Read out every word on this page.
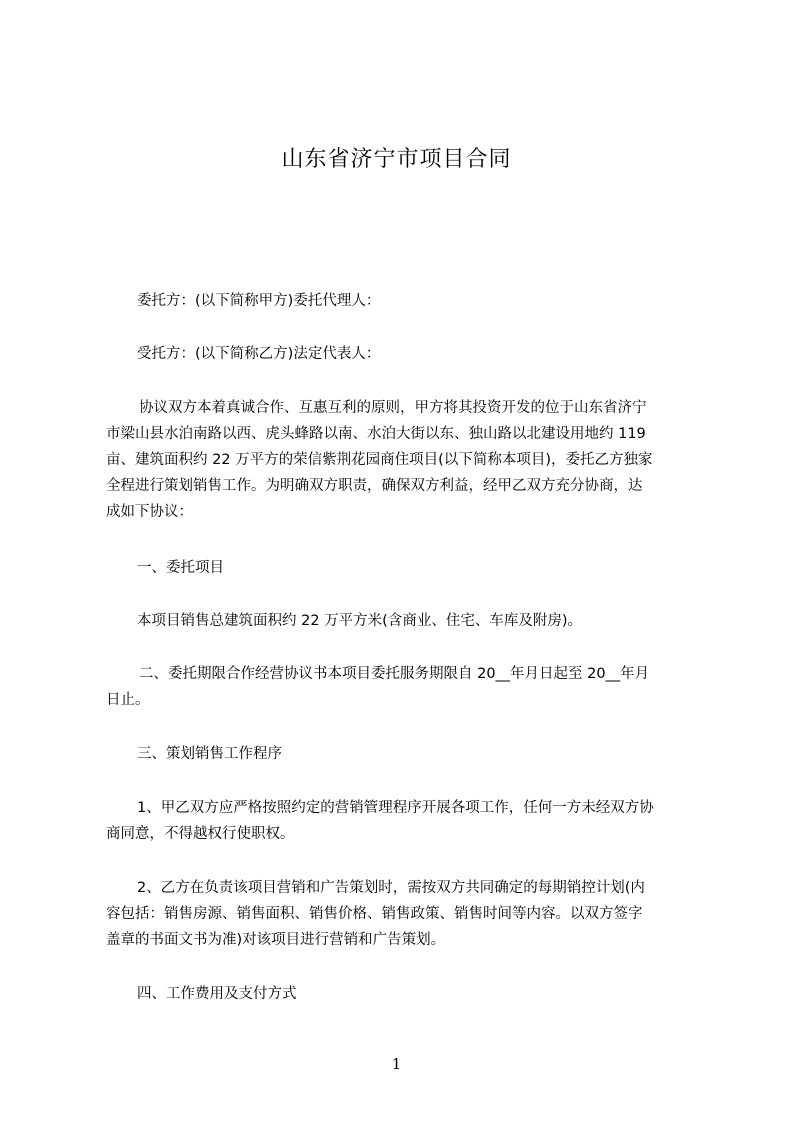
山东省济宁市项目合同
委托方：(以下简称甲方)委托代理人：
受托方：(以下简称乙方)法定代表人：
协议双方本着真诚合作、互惠互利的原则，甲方将其投资开发的位于山东省济宁
市梁山县水泊南路以西、虎头蜂路以南、水泊大街以东、独山路以北建设用地约 119
亩、建筑面积约 22 万平方的荣信紫荆花园商住项目(以下简称本项目)，委托乙方独家
全程进行策划销售工作。为明确双方职责，确保双方利益，经甲乙双方充分协商，达
成如下协议：
一、委托项目
本项目销售总建筑面积约 22 万平方米(含商业、住宅、车库及附房)。
二、委托期限合作经营协议书本项目委托服务期限自 20__年月日起至 20__年月
日止。
三、策划销售工作程序
1、甲乙双方应严格按照约定的营销管理程序开展各项工作，任何一方未经双方协
商同意，不得越权行使职权。
2、乙方在负责该项目营销和广告策划时，需按双方共同确定的每期销控计划(内
容包括：销售房源、销售面积、销售价格、销售政策、销售时间等内容。以双方签字
盖章的书面文书为准)对该项目进行营销和广告策划。
四、工作费用及支付方式
1
